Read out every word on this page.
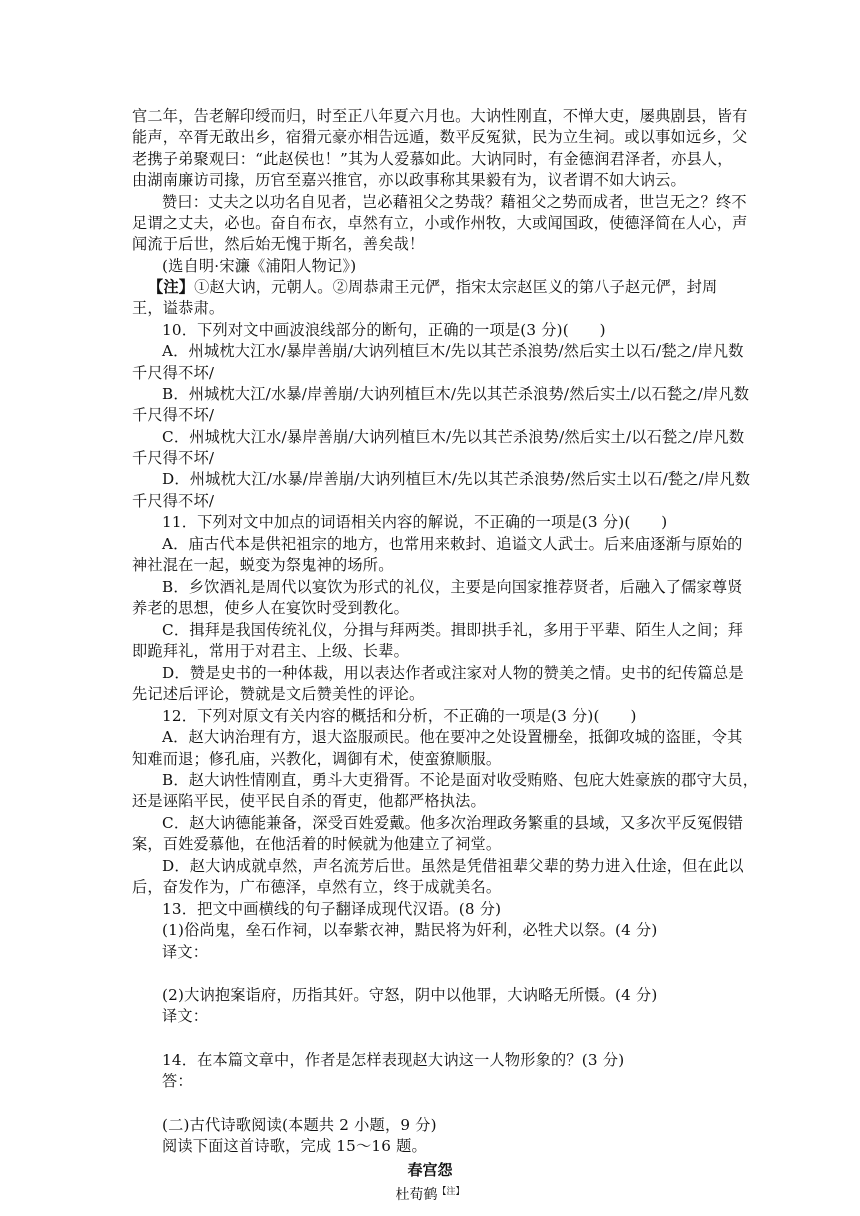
官二年，告老解印绶而归，时至正八年夏六月也。大讷性刚直，不惮大吏，屡典剧县，皆有
能声，卒胥无敢出乡，宿猾元豪亦相告远遁，数平反冤狱，民为立生祠。或以事如远乡，父
老携子弟聚观曰：“此赵侯也！”其为人爱慕如此。大讷同时，有金德润君泽者，亦县人，
由湖南廉访司掾，历官至嘉兴推官，亦以政事称其果毅有为，议者谓不如大讷云。
赞曰：丈夫之以功名自见者，岂必藉祖父之势哉？藉祖父之势而成者，世岂无之？终不
足谓之丈夫，必也。奋自布衣，卓然有立，小或作州牧，大或闻国政，使德泽简在人心，声
闻流于后世，然后始无愧于斯名，善矣哉！
(选自明·宋濂《浦阳人物记》)
【注】①赵大讷，元朝人。②周恭肃王元俨，指宋太宗赵匡义的第八子赵元俨，封周
王，谥恭肃。
10．下列对文中画波浪线部分的断句，正确的一项是(3 分)(　　)
A．州城枕大江水/暴岸善崩/大讷列植巨木/先以其芒杀浪势/然后实土以石/甃之/岸凡数
千尺得不坏/
B．州城枕大江/水暴/岸善崩/大讷列植巨木/先以其芒杀浪势/然后实土/以石甃之/岸凡数
千尺得不坏/
C．州城枕大江水/暴岸善崩/大讷列植巨木/先以其芒杀浪势/然后实土/以石甃之/岸凡数
千尺得不坏/
D．州城枕大江/水暴/岸善崩/大讷列植巨木/先以其芒杀浪势/然后实土以石/甃之/岸凡数
千尺得不坏/
11．下列对文中加点的词语相关内容的解说，不正确的一项是(3 分)(　　)
A．庙古代本是供祀祖宗的地方，也常用来敕封、追谥文人武士。后来庙逐渐与原始的
神社混在一起，蜕变为祭鬼神的场所。
B．乡饮酒礼是周代以宴饮为形式的礼仪，主要是向国家推荐贤者，后融入了儒家尊贤
养老的思想，使乡人在宴饮时受到教化。
C．揖拜是我国传统礼仪，分揖与拜两类。揖即拱手礼，多用于平辈、陌生人之间；拜
即跪拜礼，常用于对君主、上级、长辈。
D．赞是史书的一种体裁，用以表达作者或注家对人物的赞美之情。史书的纪传篇总是
先记述后评论，赞就是文后赞美性的评论。
12．下列对原文有关内容的概括和分析，不正确的一项是(3 分)(　　)
A．赵大讷治理有方，退大盗服顽民。他在要冲之处设置栅垒，抵御攻城的盗匪，令其
知难而退；修孔庙，兴教化，调御有术，使蛮獠顺服。
B．赵大讷性情刚直，勇斗大吏猾胥。不论是面对收受贿赂、包庇大姓豪族的郡守大员，
还是诬陷平民，使平民自杀的胥吏，他都严格执法。
C．赵大讷德能兼备，深受百姓爱戴。他多次治理政务繁重的县域，又多次平反冤假错
案，百姓爱慕他，在他活着的时候就为他建立了祠堂。
D．赵大讷成就卓然，声名流芳后世。虽然是凭借祖辈父辈的势力进入仕途，但在此以
后，奋发作为，广布德泽，卓然有立，终于成就美名。
13．把文中画横线的句子翻译成现代汉语。(8 分)
(1)俗尚鬼，垒石作祠，以奉紫衣神，黠民将为奸利，必牲犬以祭。(4 分)
译文：
(2)大讷抱案诣府，历指其奸。守怒，阴中以他罪，大讷略无所慑。(4 分)
译文：
14．在本篇文章中，作者是怎样表现赵大讷这一人物形象的？(3 分)
答：
(二)古代诗歌阅读(本题共 2 小题，9 分)
阅读下面这首诗歌，完成 15～16 题。
春宫怨
杜荀鹤$^{【注】}$
